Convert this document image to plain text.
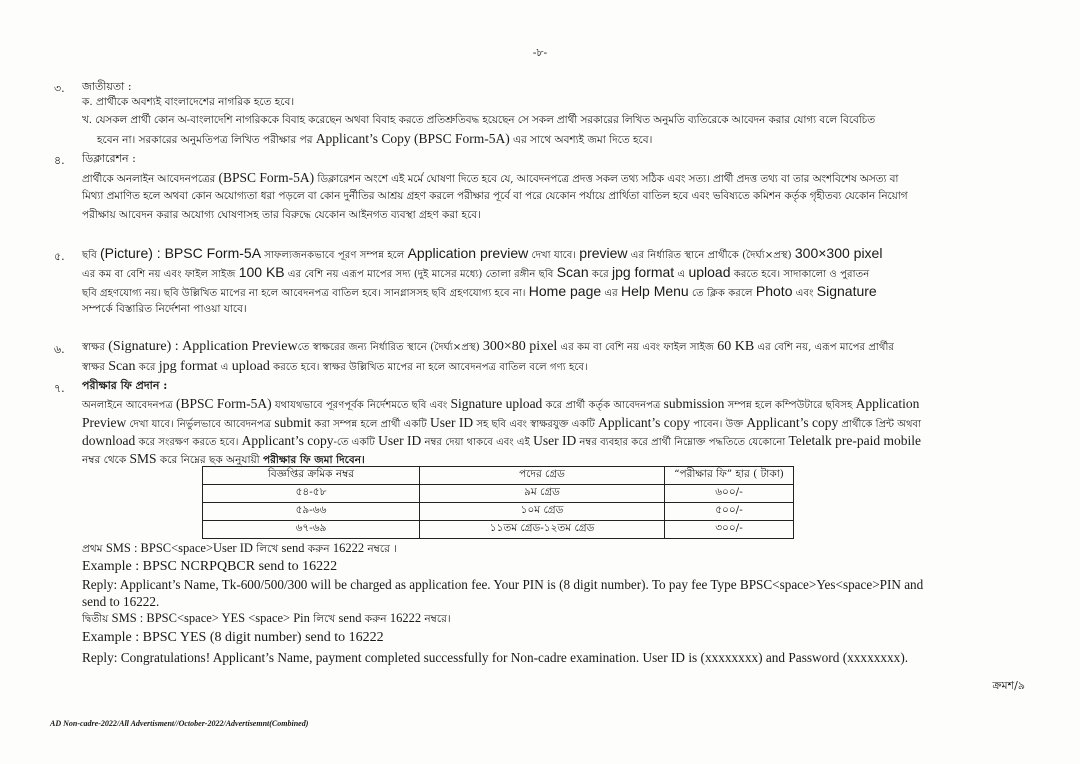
-৮-
৩. জাতীয়তা :
ক. প্রার্থীকে অবশ্যই বাংলাদেশের নাগরিক হতে হবে।
খ. যেসকল প্রার্থী কোন অ-বাংলাদেশি নাগরিককে বিবাহ করেছেন অথবা বিবাহ করতে প্রতিশ্রুতিবদ্ধ হয়েছেন সে সকল প্রার্থী সরকারের লিখিত অনুমতি ব্যতিরেকে আবেদন করার যোগ্য বলে বিবেচিত
হবেন না। সরকারের অনুমতিপত্র লিখিত পরীক্ষার পর Applicant’s Copy (BPSC Form-5A) এর সাথে অবশ্যই জমা দিতে হবে।
৪. ডিক্লারেশন :
প্রার্থীকে অনলাইন আবেদনপত্রের (BPSC Form-5A) ডিক্লারেশন অংশে এই মর্মে ঘোষণা দিতে হবে যে, আবেদনপত্রে প্রদত্ত সকল তথ্য সঠিক এবং সত্য। প্রার্থী প্রদত্ত তথ্য বা তার অংশবিশেষ অসত্য বা
মিথ্যা প্রমাণিত হলে অথবা কোন অযোগ্যতা ধরা পড়লে বা কোন দুর্নীতির আশ্রয় গ্রহণ করলে পরীক্ষার পূর্বে বা পরে যেকোন পর্যায়ে প্রার্থিতা বাতিল হবে এবং ভবিষ্যতে কমিশন কর্তৃক গৃহীতব্য যেকোন নিয়োগ
পরীক্ষায় আবেদন করার অযোগ্য ঘোষণাসহ তার বিরুদ্ধে যেকোন আইনগত ব্যবস্থা গ্রহণ করা হবে।
৫. ছবি (Picture) : BPSC Form-5A সাফল্যজনকভাবে পূরণ সম্পন্ন হলে Application preview দেখা যাবে। preview এর নির্ধারিত স্থানে প্রার্থীকে (দৈর্ঘ্য×প্রস্থ) 300×300 pixel
এর কম বা বেশি নয় এবং ফাইল সাইজ 100 KB এর বেশি নয় এরূপ মাপের সদ্য (দুই মাসের মধ্যে) তোলা রঙ্গীন ছবি Scan করে jpg format এ upload করতে হবে। সাদাকালো ও পুরাতন
ছবি গ্রহণযোগ্য নয়। ছবি উল্লিখিত মাপের না হলে আবেদনপত্র বাতিল হবে। সানগ্লাসসহ ছবি গ্রহণযোগ্য হবে না। Home page এর Help Menu তে ক্লিক করলে Photo এবং Signature
সম্পর্কে বিস্তারিত নির্দেশনা পাওয়া যাবে।
৬. স্বাক্ষর (Signature) : Application Previewতে স্বাক্ষরের জন্য নির্ধারিত স্থানে (দৈর্ঘ্য×প্রস্থ) 300×80 pixel এর কম বা বেশি নয় এবং ফাইল সাইজ 60 KB এর বেশি নয়, এরূপ মাপের প্রার্থীর
স্বাক্ষর Scan করে jpg format এ upload করতে হবে। স্বাক্ষর উল্লিখিত মাপের না হলে আবেদনপত্র বাতিল বলে গণ্য হবে।
৭. পরীক্ষার ফি প্রদান :
অনলাইনে আবেদনপত্র (BPSC Form-5A) যথাযথভাবে পূরণপূর্বক নির্দেশমতে ছবি এবং Signature upload করে প্রার্থী কর্তৃক আবেদনপত্র submission সম্পন্ন হলে কম্পিউটারে ছবিসহ Application
Preview দেখা যাবে। নির্ভুলভাবে আবেদনপত্র submit করা সম্পন্ন হলে প্রার্থী একটি User ID সহ ছবি এবং স্বাক্ষরযুক্ত একটি Applicant’s copy পাবেন। উক্ত Applicant’s copy প্রার্থীকে প্রিন্ট অথবা
download করে সংরক্ষণ করতে হবে। Applicant’s copy-তে একটি User ID নম্বর দেয়া থাকবে এবং এই User ID নম্বর ব্যবহার করে প্রার্থী নিম্নোক্ত পদ্ধতিতে যেকোনো Teletalk pre-paid mobile
নম্বর থেকে SMS করে নিম্নের ছক অনুযায়ী পরীক্ষার ফি জমা দিবেন।
বিজ্ঞপ্তির ক্রমিক নম্বর	পদের গ্রেড	“পরীক্ষার ফি” হার ( টাকা)
৫৪-৫৮	৯ম গ্রেড	৬০০/-
৫৯-৬৬	১০ম গ্রেড	৫০০/-
৬৭-৬৯	১১তম গ্রেড-১২তম গ্রেড	৩০০/-
প্রথম SMS : BPSC<space>User ID লিখে send করুন 16222 নম্বরে ।
Example : BPSC NCRPQBCR send to 16222
Reply: Applicant’s Name, Tk-600/500/300 will be charged as application fee. Your PIN is (8 digit number). To pay fee Type BPSC<space>Yes<space>PIN and
send to 16222.
দ্বিতীয় SMS : BPSC<space> YES <space> Pin লিখে send করুন 16222 নম্বরে।
Example : BPSC YES (8 digit number) send to 16222
Reply: Congratulations! Applicant’s Name, payment completed successfully for Non-cadre examination. User ID is (xxxxxxxx) and Password (xxxxxxxx).
ক্রমশ/৯
AD Non-cadre-2022/All Advertisment//October-2022/Advertisemnt(Combined)
